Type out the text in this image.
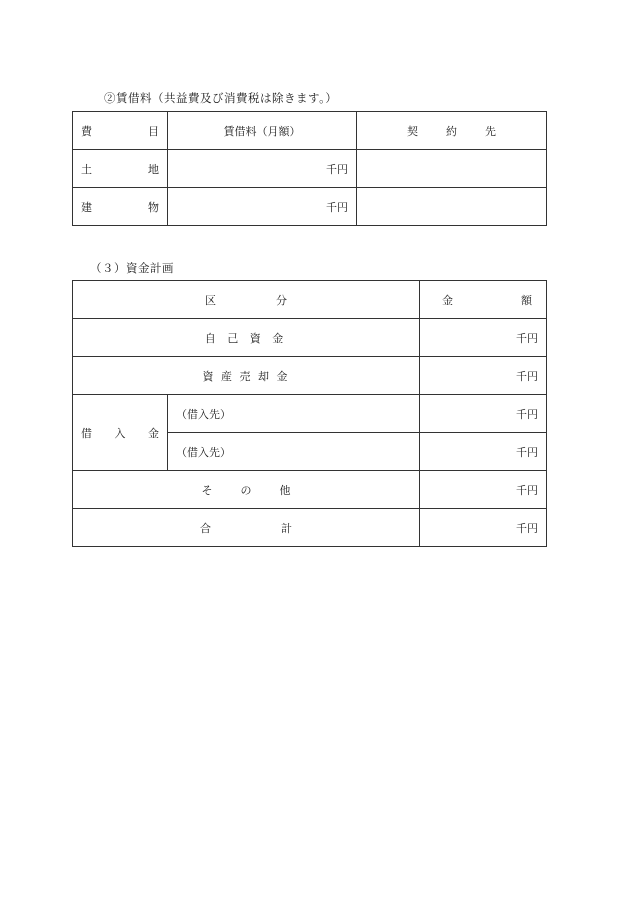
②賃借料（共益費及び消費税は除きます。）
費 目	賃借料（月額）	契 約 先

土 地	千円	

建 物	千円	
（３）資金計画
区 分		金 額

自 己 資 金		千円
資 産 売 却 金		千円

借 入 金	（借入先）	千円
	（借入先）	千円
そ の 他		千円
合 計		千円
